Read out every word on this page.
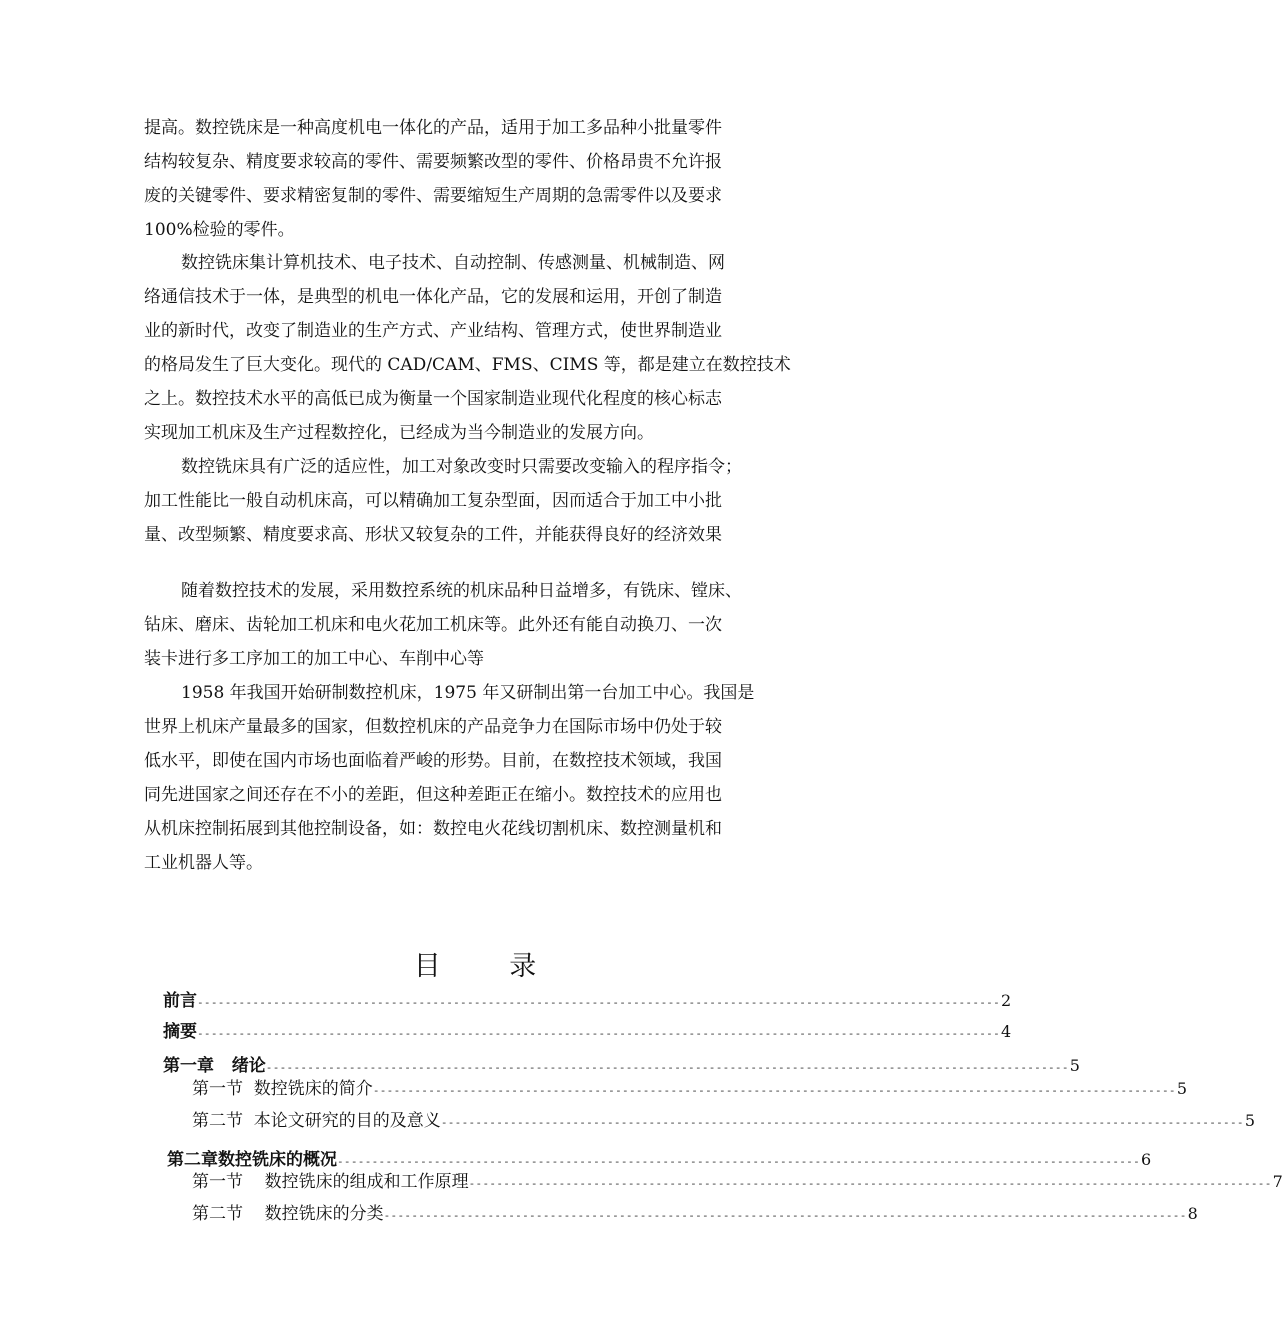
提高。数控铣床是一种高度机电一体化的产品，适用于加工多品种小批量零件
结构较复杂、精度要求较高的零件、需要频繁改型的零件、价格昂贵不允许报
废的关键零件、要求精密复制的零件、需要缩短生产周期的急需零件以及要求
100%检验的零件。
数控铣床集计算机技术、电子技术、自动控制、传感测量、机械制造、网
络通信技术于一体，是典型的机电一体化产品，它的发展和运用，开创了制造
业的新时代，改变了制造业的生产方式、产业结构、管理方式，使世界制造业
的格局发生了巨大变化。现代的 CAD/CAM、FMS、CIMS 等，都是建立在数控技术
之上。数控技术水平的高低已成为衡量一个国家制造业现代化程度的核心标志
实现加工机床及生产过程数控化，已经成为当今制造业的发展方向。
数控铣床具有广泛的适应性，加工对象改变时只需要改变输入的程序指令；
加工性能比一般自动机床高，可以精确加工复杂型面，因而适合于加工中小批
量、改型频繁、精度要求高、形状又较复杂的工件，并能获得良好的经济效果
随着数控技术的发展，采用数控系统的机床品种日益增多，有铣床、镗床、
钻床、磨床、齿轮加工机床和电火花加工机床等。此外还有能自动换刀、一次
装卡进行多工序加工的加工中心、车削中心等
1958 年我国开始研制数控机床，1975 年又研制出第一台加工中心。我国是
世界上机床产量最多的国家，但数控机床的产品竞争力在国际市场中仍处于较
低水平，即使在国内市场也面临着严峻的形势。目前，在数控技术领域，我国
同先进国家之间还存在不小的差距，但这种差距正在缩小。数控技术的应用也
从机床控制拓展到其他控制设备，如：数控电火花线切割机床、数控测量机和
工业机器人等。
目 录
前言 -------------------------------------------------------------------------------------------------------------------- 2
摘要 -------------------------------------------------------------------------------------------------------------------- 4
第一章   绪论 -------------------------------------------------------------------------------------------------------------------- 5
第一节  数控铣床的简介 -------------------------------------------------------------------------------------------------------------------- 5
第二节  本论文研究的目的及意义 -------------------------------------------------------------------------------------------------------------------- 5
第二章数控铣床的概况 -------------------------------------------------------------------------------------------------------------------- 6
第一节    数控铣床的组成和工作原理 -------------------------------------------------------------------------------------------------------------------- 7
第二节    数控铣床的分类 -------------------------------------------------------------------------------------------------------------------- 8
